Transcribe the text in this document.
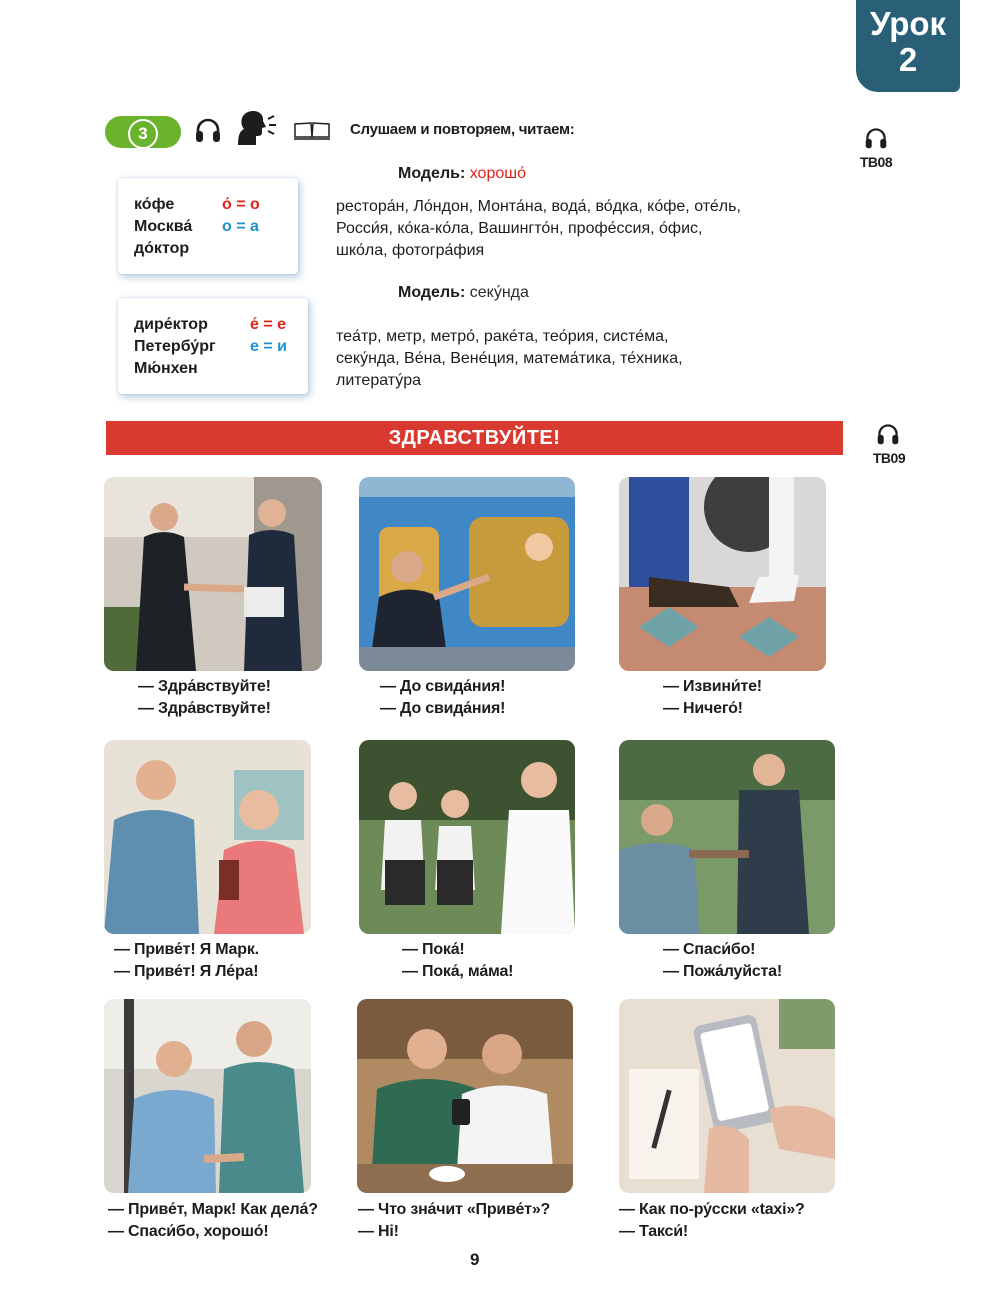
Урок
2
3	Слушаем и повторяем, читаем:
ТВ08
Модель: хорошо́
ко́фе
Москва́
до́ктор
о́ = о
о = а
рестора́н, Ло́ндон, Монта́на, вода́, во́дка, ко́фе, оте́ль,
Росси́я, ко́ка-ко́ла, Вашингто́н, профе́ссия, о́фис,
шко́ла, фотогра́фия
Модель: секу́нда
дире́ктор
Петербу́рг
Мю́нхен
е́ = е
е = и
теа́тр, метр, метро́, раке́та, тео́рия, систе́ма,
секу́нда, Ве́на, Вене́ция, матема́тика, те́хника,
литерату́ра
ЗДРАВСТВУЙТЕ!
ТВ09
— Здра́вствуйте!
— Здра́вствуйте!
— До свида́ния!
— До свида́ния!
— Извини́те!
— Ничего́!
— Приве́т! Я Марк.
— Приве́т! Я Ле́ра!
— Пока́!
— Пока́, ма́ма!
— Спаси́бо!
— Пожа́луйста!
— Приве́т, Марк! Как дела́?
— Спаси́бо, хорошо́!
— Что зна́чит «Приве́т»?
— Hi!
— Как по-ру́сски «taxi»?
— Такси́!
9
